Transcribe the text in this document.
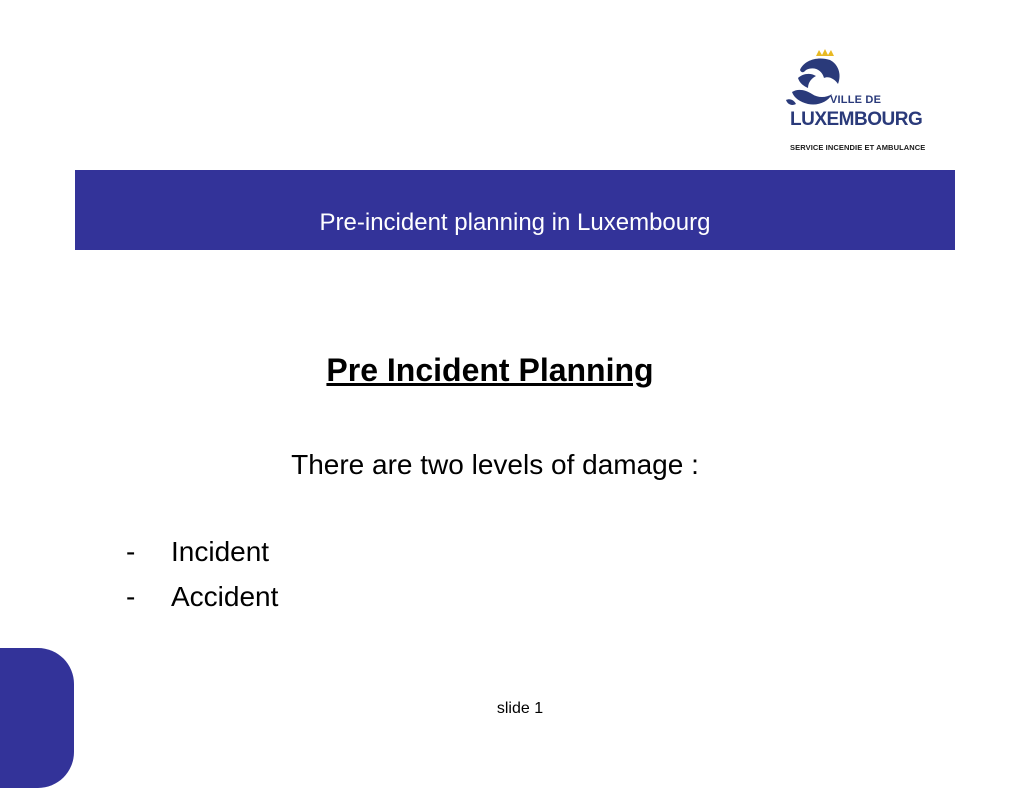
VILLE DE
LUXEMBOURG
SERVICE INCENDIE ET AMBULANCE
Pre-incident planning in Luxembourg
Pre Incident Planning
There are two levels of damage :
- Incident
- Accident
slide 1
